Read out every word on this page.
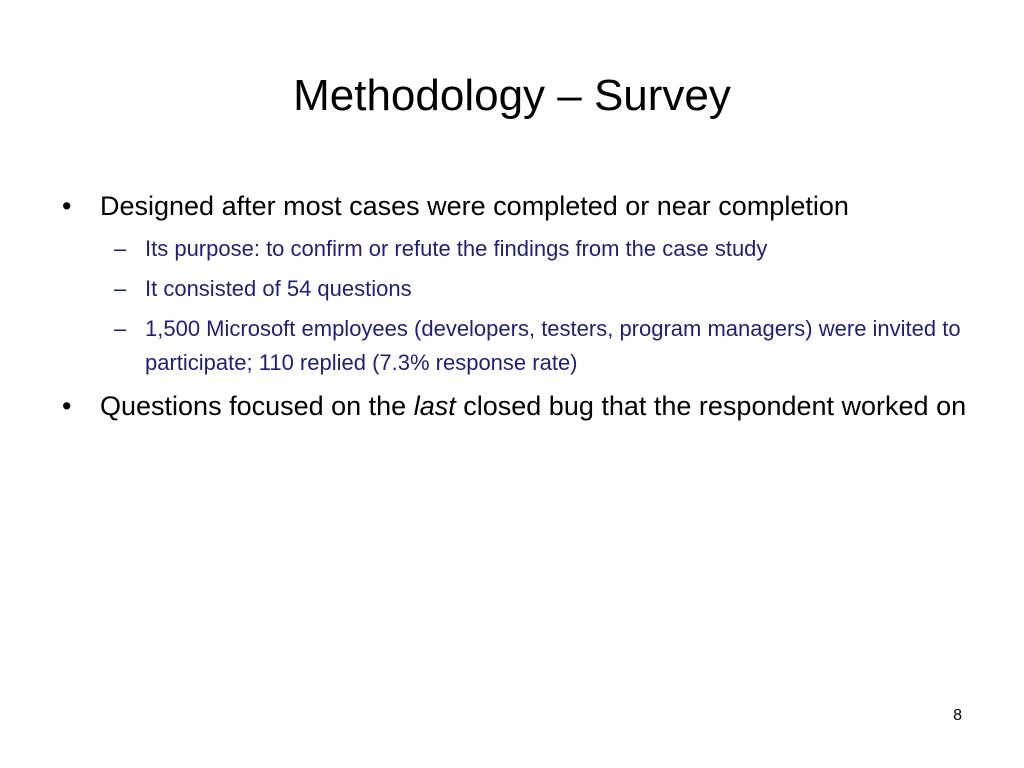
Methodology – Survey
• Designed after most cases were completed or near completion
– Its purpose: to confirm or refute the findings from the case study
– It consisted of 54 questions
– 1,500 Microsoft employees (developers, testers, program managers) were invited to participate; 110 replied (7.3% response rate)
• Questions focused on the last closed bug that the respondent worked on
8
